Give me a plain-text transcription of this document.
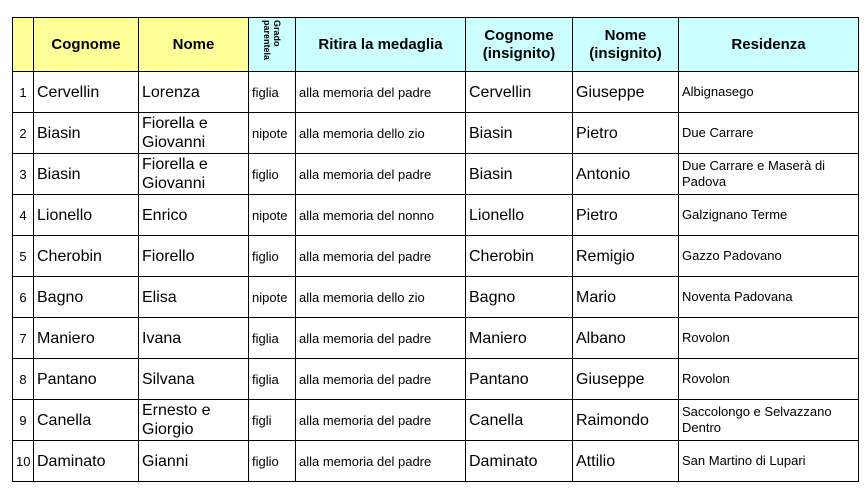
	Cognome	Nome	Grado parentela	Ritira la medaglia	Cognome (insignito)	Nome (insignito)	Residenza
1	Cervellin	Lorenza	figlia	alla memoria del padre	Cervellin	Giuseppe	Albignasego
2	Biasin	Fiorella e Giovanni	nipote	alla memoria dello zio	Biasin	Pietro	Due Carrare
3	Biasin	Fiorella e Giovanni	figlio	alla memoria del padre	Biasin	Antonio	Due Carrare e Maserà di Padova
4	Lionello	Enrico	nipote	alla memoria del nonno	Lionello	Pietro	Galzignano Terme
5	Cherobin	Fiorello	figlio	alla memoria del padre	Cherobin	Remigio	Gazzo Padovano
6	Bagno	Elisa	nipote	alla memoria dello zio	Bagno	Mario	Noventa Padovana
7	Maniero	Ivana	figlia	alla memoria del padre	Maniero	Albano	Rovolon
8	Pantano	Silvana	figlia	alla memoria del padre	Pantano	Giuseppe	Rovolon
9	Canella	Ernesto e Giorgio	figli	alla memoria del padre	Canella	Raimondo	Saccolongo e Selvazzano Dentro
10	Daminato	Gianni	figlio	alla memoria del padre	Daminato	Attilio	San Martino di Lupari
